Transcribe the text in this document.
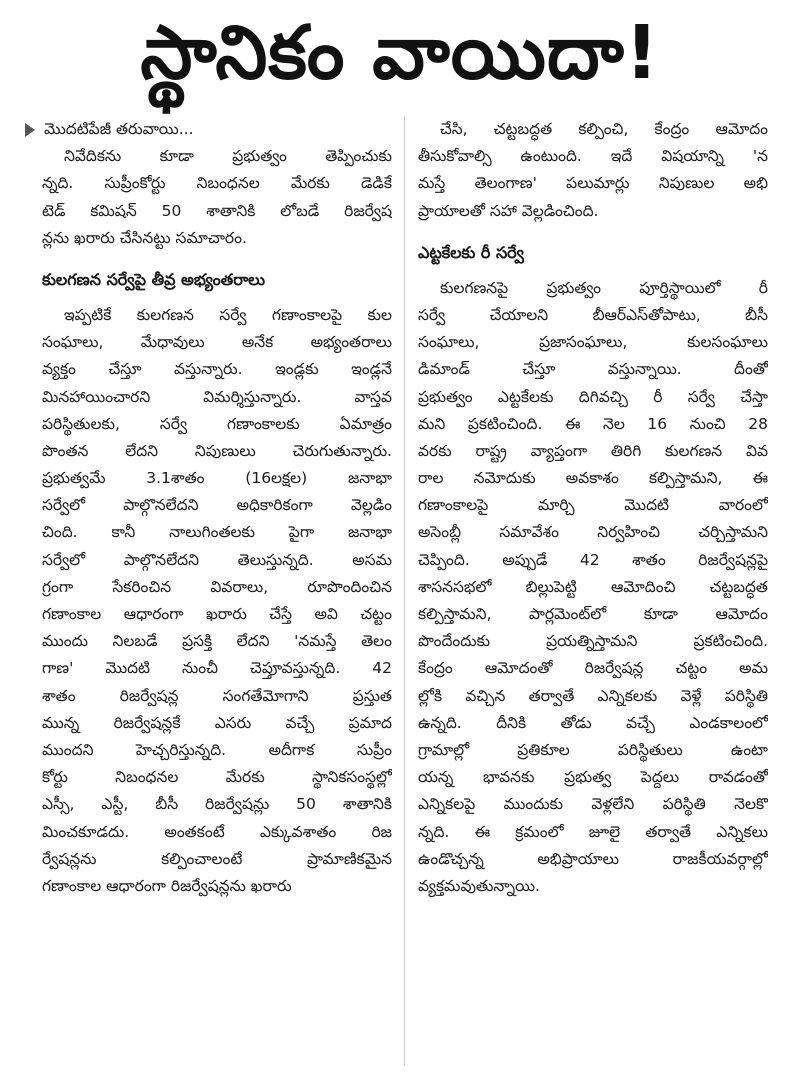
స్థానికం వాయిదా!
మొదటిపేజీ తరువాయి...
నివేదికను కూడా ప్రభుత్వం తెప్పించుకు
న్నది. సుప్రీంకోర్టు నిబంధనల మేరకు డెడికే
టెడ్ కమిషన్ 50 శాతానికి లోబడే రిజర్వేష
న్లను ఖరారు చేసినట్టు సమాచారం.
కులగణన సర్వేపై తీవ్ర అభ్యంతరాలు
ఇప్పటికే కులగణన సర్వే గణాంకాలపై కుల
సంఘాలు, మేధావులు అనేక అభ్యంతరాలు
వ్యక్తం చేస్తూ వస్తున్నారు. ఇండ్లకు ఇండ్లనే
మినహాయించారని విమర్శిస్తున్నారు. వాస్తవ
పరిస్థితులకు, సర్వే గణాంకాలకు ఏమాత్రం
పొంతన లేదని నిపుణులు చెరుగుతున్నారు.
ప్రభుత్వమే 3.1శాతం (16లక్షల) జనాభా
సర్వేలో పాల్గొనలేదని అధికారికంగా వెల్లడిం
చింది. కానీ నాలుగింతలకు పైగా జనాభా
సర్వేలో పాల్గొనలేదని తెలుస్తున్నది. అసమ
గ్రంగా సేకరించిన వివరాలు, రూపొందించిన
గణాంకాల ఆధారంగా ఖరారు చేస్తే అవి చట్టం
ముందు నిలబడే ప్రసక్తి లేదని 'నమస్తే తెలం
గాణ' మొదటి నుంచీ చెప్తూవస్తున్నది. 42
శాతం రిజర్వేషన్ల సంగతేమోగాని ప్రస్తుత
మున్న రిజర్వేషన్లకే ఎసరు వచ్చే ప్రమాద
ముందని హెచ్చరిస్తున్నది. అదీగాక సుప్రీం
కోర్టు నిబంధనల మేరకు స్థానికసంస్థల్లో
ఎస్సీ, ఎస్టీ, బీసీ రిజర్వేషన్లు 50 శాతానికి
మించకూడదు. అంతకంటే ఎక్కువశాతం రిజ
ర్వేషన్లను కల్పించాలంటే ప్రామాణికమైన
గణాంకాల ఆధారంగా రిజర్వేషన్లను ఖరారు
చేసి, చట్టబద్ధత కల్పించి, కేంద్రం ఆమోదం
తీసుకోవాల్సి ఉంటుంది. ఇదే విషయాన్ని 'న
మస్తే తెలంగాణ' పలుమార్లు నిపుణుల అభి
ప్రాయాలతో సహా వెల్లడించింది.
ఎట్టకేలకు రీ సర్వే
కులగణనపై ప్రభుత్వం పూర్తిస్థాయిలో రీ
సర్వే చేయాలని బీఆర్ఎస్‌తోపాటు, బీసీ
సంఘాలు, ప్రజాసంఘాలు, కులసంఘాలు
డిమాండ్ చేస్తూ వస్తున్నాయి. దీంతో
ప్రభుత్వం ఎట్టకేలకు దిగివచ్చి రీ సర్వే చేస్తా
మని ప్రకటించింది. ఈ నెల 16 నుంచి 28
వరకు రాష్ట్ర వ్యాప్తంగా తిరిగి కులగణన వివ
రాల నమోదుకు అవకాశం కల్పిస్తామని, ఈ
గణాంకాలపై మార్చి మొదటి వారంలో
అసెంబ్లీ సమావేశం నిర్వహించి చర్చిస్తామని
చెప్పింది. అప్పుడే 42 శాతం రిజర్వేషన్లపై
శాసనసభలో బిల్లుపెట్టి ఆమోదించి చట్టబద్ధత
కల్పిస్తామని, పార్లమెంట్‌లో కూడా ఆమోదం
పొందేందుకు ప్రయత్నిస్తామని ప్రకటించింది.
కేంద్రం ఆమోదంతో రిజర్వేషన్ల చట్టం అమ
ల్లోకి వచ్చిన తర్వాతే ఎన్నికలకు వెళ్లే పరిస్థితి
ఉన్నది. దీనికి తోడు వచ్చే ఎండకాలంలో
గ్రామాల్లో ప్రతికూల పరిస్థితులు ఉంటా
యన్న భావనకు ప్రభుత్వ పెద్దలు రావడంతో
ఎన్నికలపై ముందుకు వెళ్లలేని పరిస్థితి నెలకొ
న్నది. ఈ క్రమంలో జూలై తర్వాతే ఎన్నికలు
ఉండొచ్చన్న అభిప్రాయాలు రాజకీయవర్గాల్లో
వ్యక్తమవుతున్నాయి.
